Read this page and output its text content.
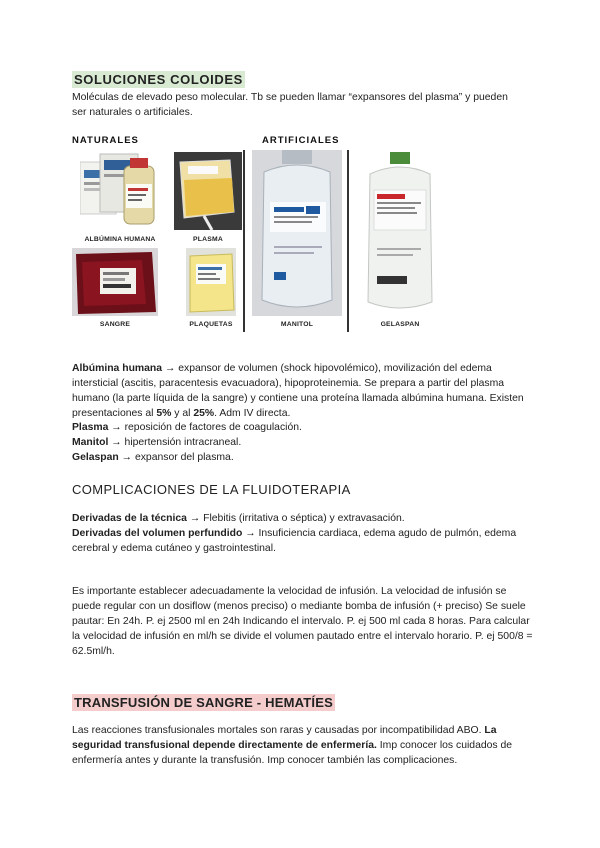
SOLUCIONES COLOIDES
Moléculas de elevado peso molecular. Tb se pueden llamar “expansores del plasma” y pueden ser naturales o artificiales.
NATURALES	ARTIFICIALES
ALBÚMINA HUMANA	PLASMA
SANGRE	PLAQUETAS	MANITOL	GELASPAN
Albúmina humana → expansor de volumen (shock hipovolémico), movilización del edema intersticial (ascitis, paracentesis evacuadora), hipoproteinemia. Se prepara a partir del plasma humano (la parte líquida de la sangre) y contiene una proteína llamada albúmina humana. Existen presentaciones al 5% y al 25%. Adm IV directa.
Plasma → reposición de factores de coagulación.
Manitol → hipertensión intracraneal.
Gelaspan → expansor del plasma.
COMPLICACIONES DE LA FLUIDOTERAPIA
Derivadas de la técnica → Flebitis (irritativa o séptica) y extravasación.
Derivadas del volumen perfundido → Insuficiencia cardiaca, edema agudo de pulmón, edema cerebral y edema cutáneo y gastrointestinal.
Es importante establecer adecuadamente la velocidad de infusión. La velocidad de infusión se puede regular con un dosiflow (menos preciso) o mediante bomba de infusión (+ preciso) Se suele pautar: En 24h. P. ej 2500 ml en 24h Indicando el intervalo. P. ej 500 ml cada 8 horas. Para calcular la velocidad de infusión en ml/h se divide el volumen pautado entre el intervalo horario. P. ej 500/8 = 62.5ml/h.
TRANSFUSIÓN DE SANGRE - HEMATÍES
Las reacciones transfusionales mortales son raras y causadas por incompatibilidad ABO. La seguridad transfusional depende directamente de enfermería. Imp conocer los cuidados de enfermería antes y durante la transfusión. Imp conocer también las complicaciones.
